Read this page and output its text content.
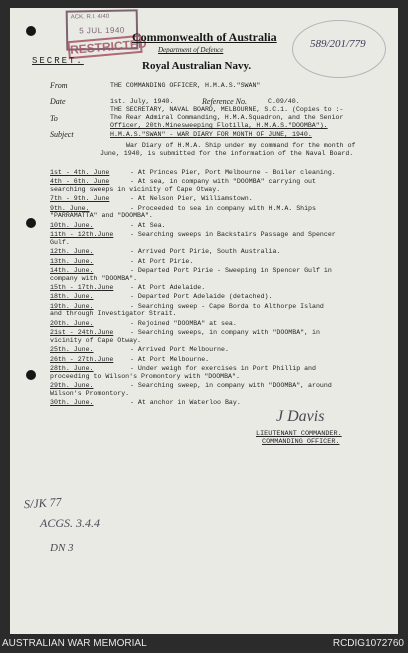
ACK. R.I. 4/40
5 JUL 1940
RESTRICTED	589/201/779
SECRET.
Commonwealth of Australia
Department of Defence
Royal Australian Navy.
From	THE COMMANDING OFFICER, H.M.A.S."SWAN"
Date	1st. July, 1940.	Reference No.	C.09/40.
To
THE SECRETARY, NAVAL BOARD, MELBOURNE, S.C.1. (Copies to :-
The Rear Admiral Commanding, H.M.A.Squadron, and the Senior
Officer, 20th.Minesweeping Flotilla, H.M.A.S."DOOMBA").
Subject	H.M.A.S."SWAN" - WAR DIARY FOR MONTH OF JUNE, 1940.
War Diary of H.M.A. Ship under my command for the month of
June, 1940, is submitted for the information of the Naval Board.
1st - 4th. June	- At Princes Pier, Port Melbourne - Boiler cleaning.
4th - 6th. June	- At sea, in company with "DOOMBA" carrying out
searching sweeps in vicinity of Cape Otway.
7th - 9th. June	- At Nelson Pier, Williamstown.
9th. June.	- Proceeded to sea in company with H.M.A. Ships
"PARRAMATTA" and "DOOMBA".
10th. June.	- At Sea.
11th - 12th.June	- Searching sweeps in Backstairs Passage and Spencer
Gulf.
12th. June.	- Arrived Port Pirie, South Australia.
13th. June.	- At Port Pirie.
14th. June.	- Departed Port Pirie - Sweeping in Spencer Gulf in
company with "DOOMBA".
15th - 17th.June	- At Port Adelaide.
18th. June.	- Departed Port Adelaide (detached).
19th. June.	- Searching sweep - Cape Borda to Althorpe Island
and through Investigator Strait.
20th. June.	- Rejoined "DOOMBA" at sea.
21st - 24th.June	- Searching sweeps, in company with "DOOMBA", in
vicinity of Cape Otway.
25th. June.	- Arrived Port Melbourne.
26th - 27th.June	- At Port Melbourne.
28th. June.	- Under weigh for exercises in Port Phillip and
proceeding to Wilson's Promontory with "DOOMBA".
29th. June.	- Searching sweep, in company with "DOOMBA", around
Wilson's Promontory.
30th. June.	- At anchor in Waterloo Bay.
J Davis
LIEUTENANT COMMANDER.
COMMANDING OFFICER.
S/JK 77
ACGS. 3.4.4
DN 3
AUSTRALIAN WAR MEMORIAL	RCDIG1072760
